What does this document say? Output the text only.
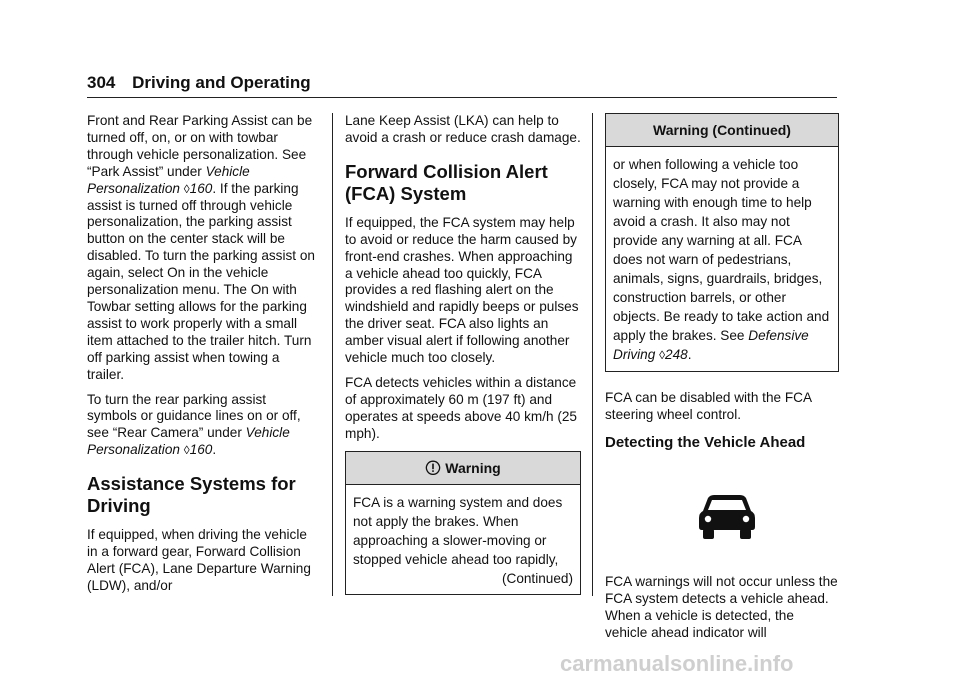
304 Driving and Operating

Front and Rear Parking Assist can be turned off, on, or on with towbar through vehicle personalization. See “Park Assist” under Vehicle Personalization ◊160. If the parking assist is turned off through vehicle personalization, the parking assist button on the center stack will be disabled. To turn the parking assist on again, select On in the vehicle personalization menu. The On with Towbar setting allows for the parking assist to work properly with a small item attached to the trailer hitch. Turn off parking assist when towing a trailer.

To turn the rear parking assist symbols or guidance lines on or off, see “Rear Camera” under Vehicle Personalization ◊160.

Assistance Systems for Driving

If equipped, when driving the vehicle in a forward gear, Forward Collision Alert (FCA), Lane Departure Warning (LDW), and/or

Lane Keep Assist (LKA) can help to avoid a crash or reduce crash damage.

Forward Collision Alert (FCA) System

If equipped, the FCA system may help to avoid or reduce the harm caused by front-end crashes. When approaching a vehicle ahead too quickly, FCA provides a red flashing alert on the windshield and rapidly beeps or pulses the driver seat. FCA also lights an amber visual alert if following another vehicle much too closely.

FCA detects vehicles within a distance of approximately 60 m (197 ft) and operates at speeds above 40 km/h (25 mph).

Warning

FCA is a warning system and does not apply the brakes. When approaching a slower-moving or stopped vehicle ahead too rapidly,

(Continued)

Warning (Continued)

or when following a vehicle too closely, FCA may not provide a warning with enough time to help avoid a crash. It also may not provide any warning at all. FCA does not warn of pedestrians, animals, signs, guardrails, bridges, construction barrels, or other objects. Be ready to take action and apply the brakes. See Defensive Driving ◊248.

FCA can be disabled with the FCA steering wheel control.

Detecting the Vehicle Ahead

FCA warnings will not occur unless the FCA system detects a vehicle ahead. When a vehicle is detected, the vehicle ahead indicator will

carmanualsonline.info
